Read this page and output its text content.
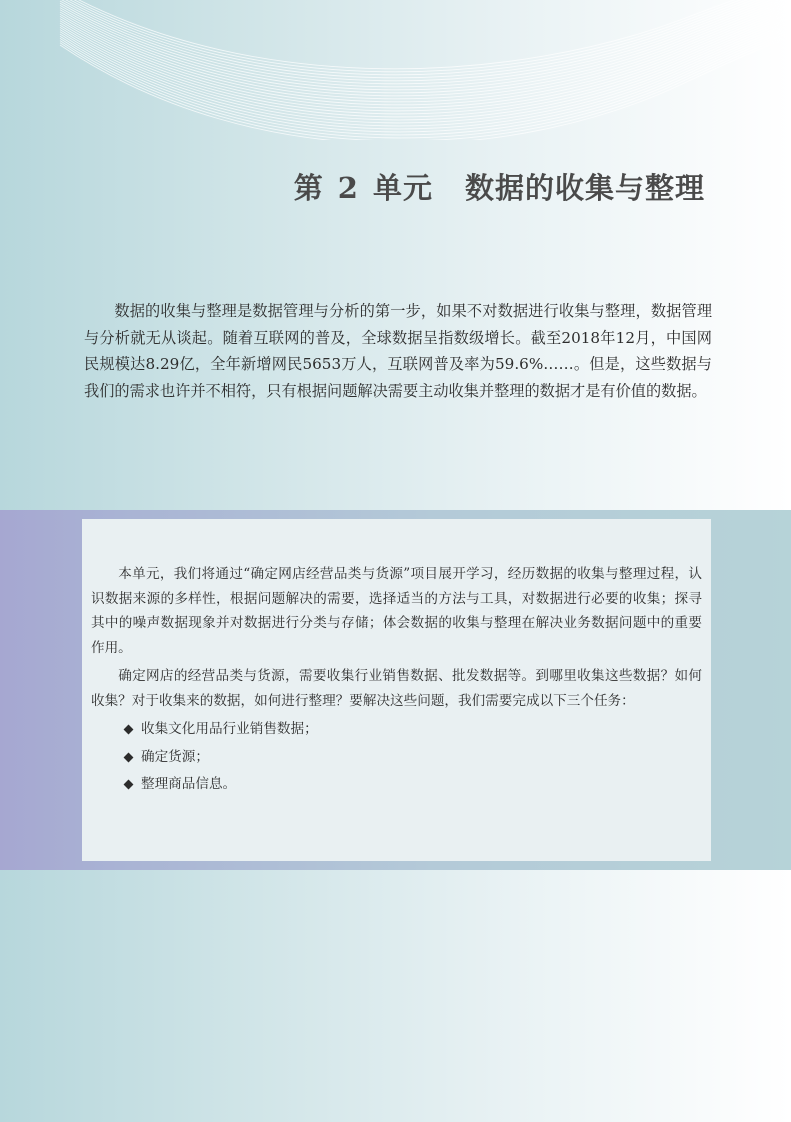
第 2 单元 数据的收集与整理

数据的收集与整理是数据管理与分析的第一步，如果不对数据进行收集与整理，数据管理与分析就无从谈起。随着互联网的普及，全球数据呈指数级增长。截至2018年12月，中国网民规模达8.29亿，全年新增网民5653万人，互联网普及率为59.6%……。但是，这些数据与我们的需求也许并不相符，只有根据问题解决需要主动收集并整理的数据才是有价值的数据。

本单元，我们将通过“确定网店经营品类与货源”项目展开学习，经历数据的收集与整理过程，认识数据来源的多样性，根据问题解决的需要，选择适当的方法与工具，对数据进行必要的收集；探寻其中的噪声数据现象并对数据进行分类与存储；体会数据的收集与整理在解决业务数据问题中的重要作用。

确定网店的经营品类与货源，需要收集行业销售数据、批发数据等。到哪里收集这些数据？如何收集？对于收集来的数据，如何进行整理？要解决这些问题，我们需要完成以下三个任务：

收集文化用品行业销售数据；
确定货源；
整理商品信息。
